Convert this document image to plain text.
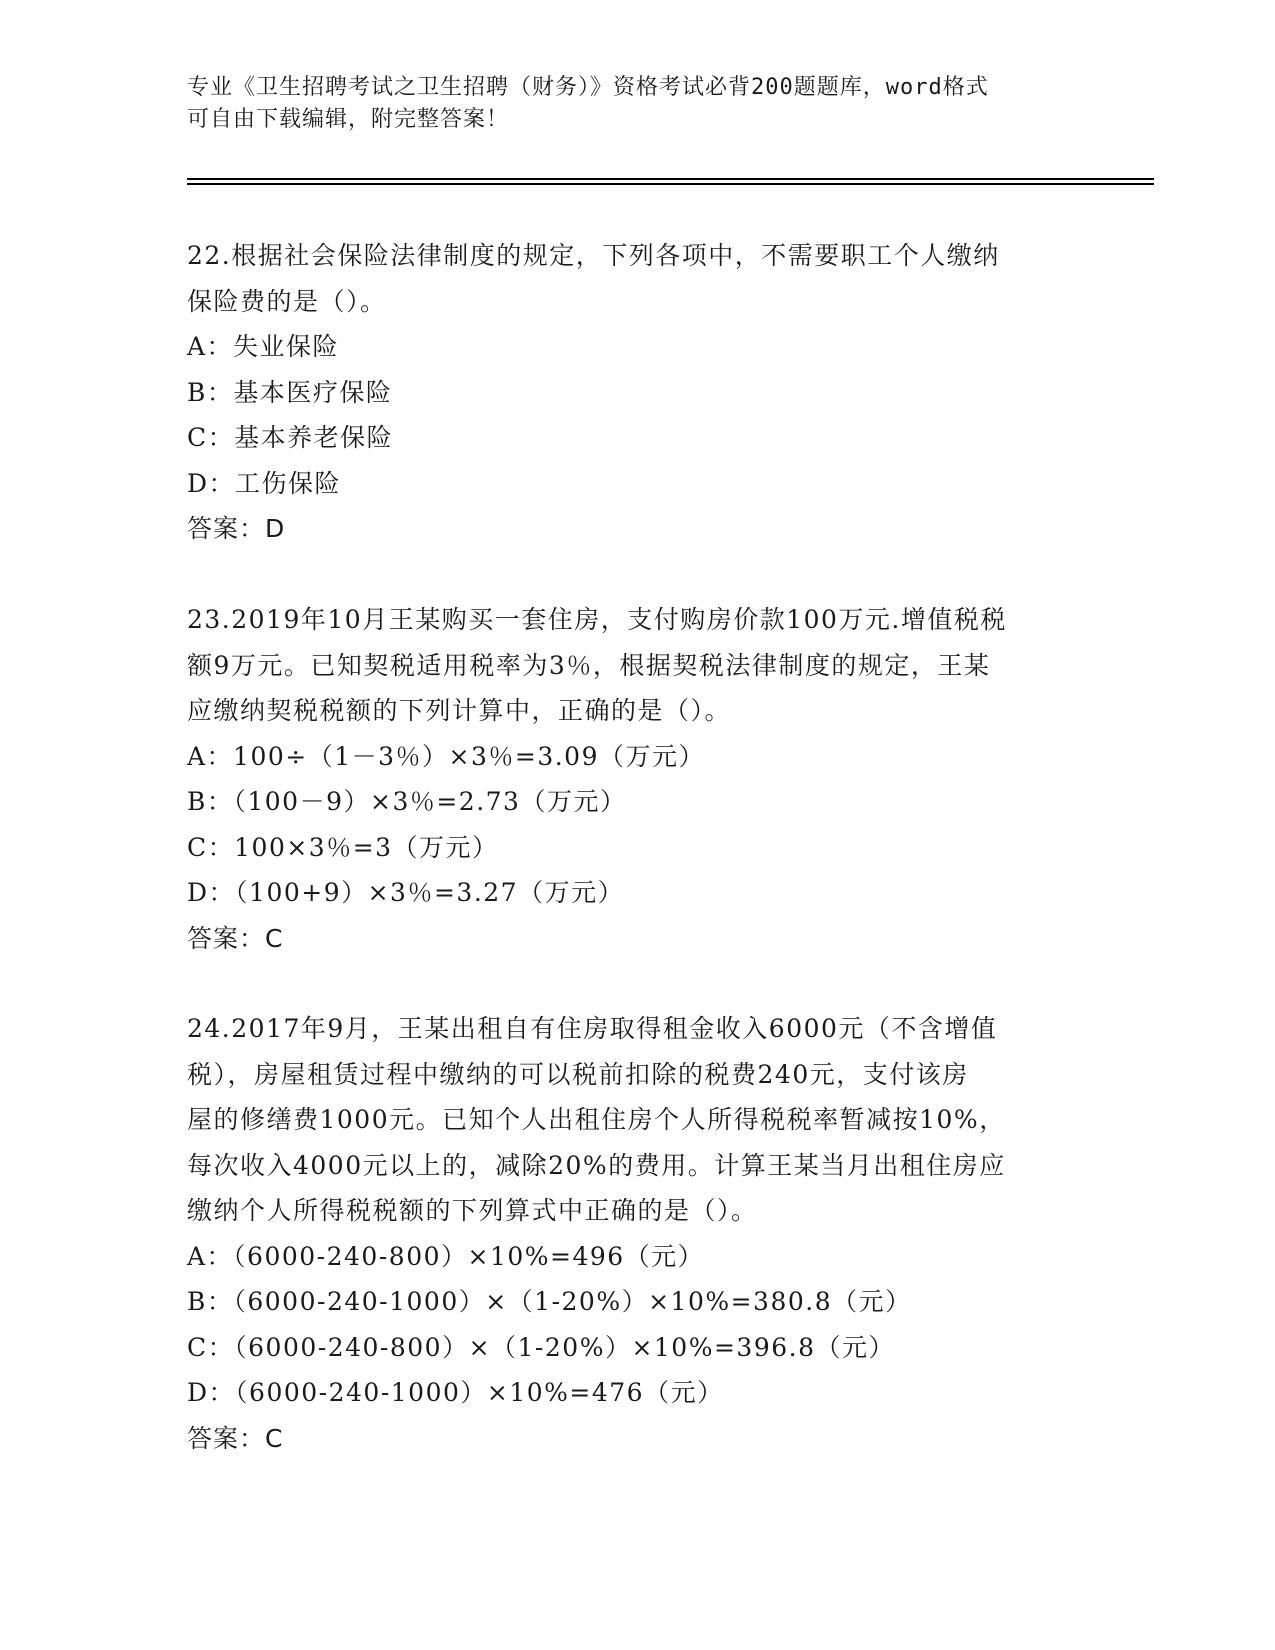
专业《卫生招聘考试之卫生招聘（财务）》资格考试必背200题题库，word格式
可自由下载编辑，附完整答案！
22.根据社会保险法律制度的规定，下列各项中，不需要职工个人缴纳
保险费的是（）。
A：失业保险
B：基本医疗保险
C：基本养老保险
D：工伤保险
答案：D
23.2019年10月王某购买一套住房，支付购房价款100万元.增值税税
额9万元。已知契税适用税率为3％，根据契税法律制度的规定，王某
应缴纳契税税额的下列计算中，正确的是（）。
A：100÷（1－3％）×3％=3.09（万元）
B：（100－9）×3％=2.73（万元）
C：100×3％=3（万元）
D：（100+9）×3％=3.27（万元）
答案：C
24.2017年9月，王某出租自有住房取得租金收入6000元（不含增值
税），房屋租赁过程中缴纳的可以税前扣除的税费240元，支付该房
屋的修缮费1000元。已知个人出租住房个人所得税税率暂减按10%，
每次收入4000元以上的，减除20%的费用。计算王某当月出租住房应
缴纳个人所得税税额的下列算式中正确的是（）。
A：（6000-240-800）×10%=496（元）
B：（6000-240-1000）×（1-20%）×10%=380.8（元）
C：（6000-240-800）×（1-20%）×10%=396.8（元）
D：（6000-240-1000）×10%=476（元）
答案：C
